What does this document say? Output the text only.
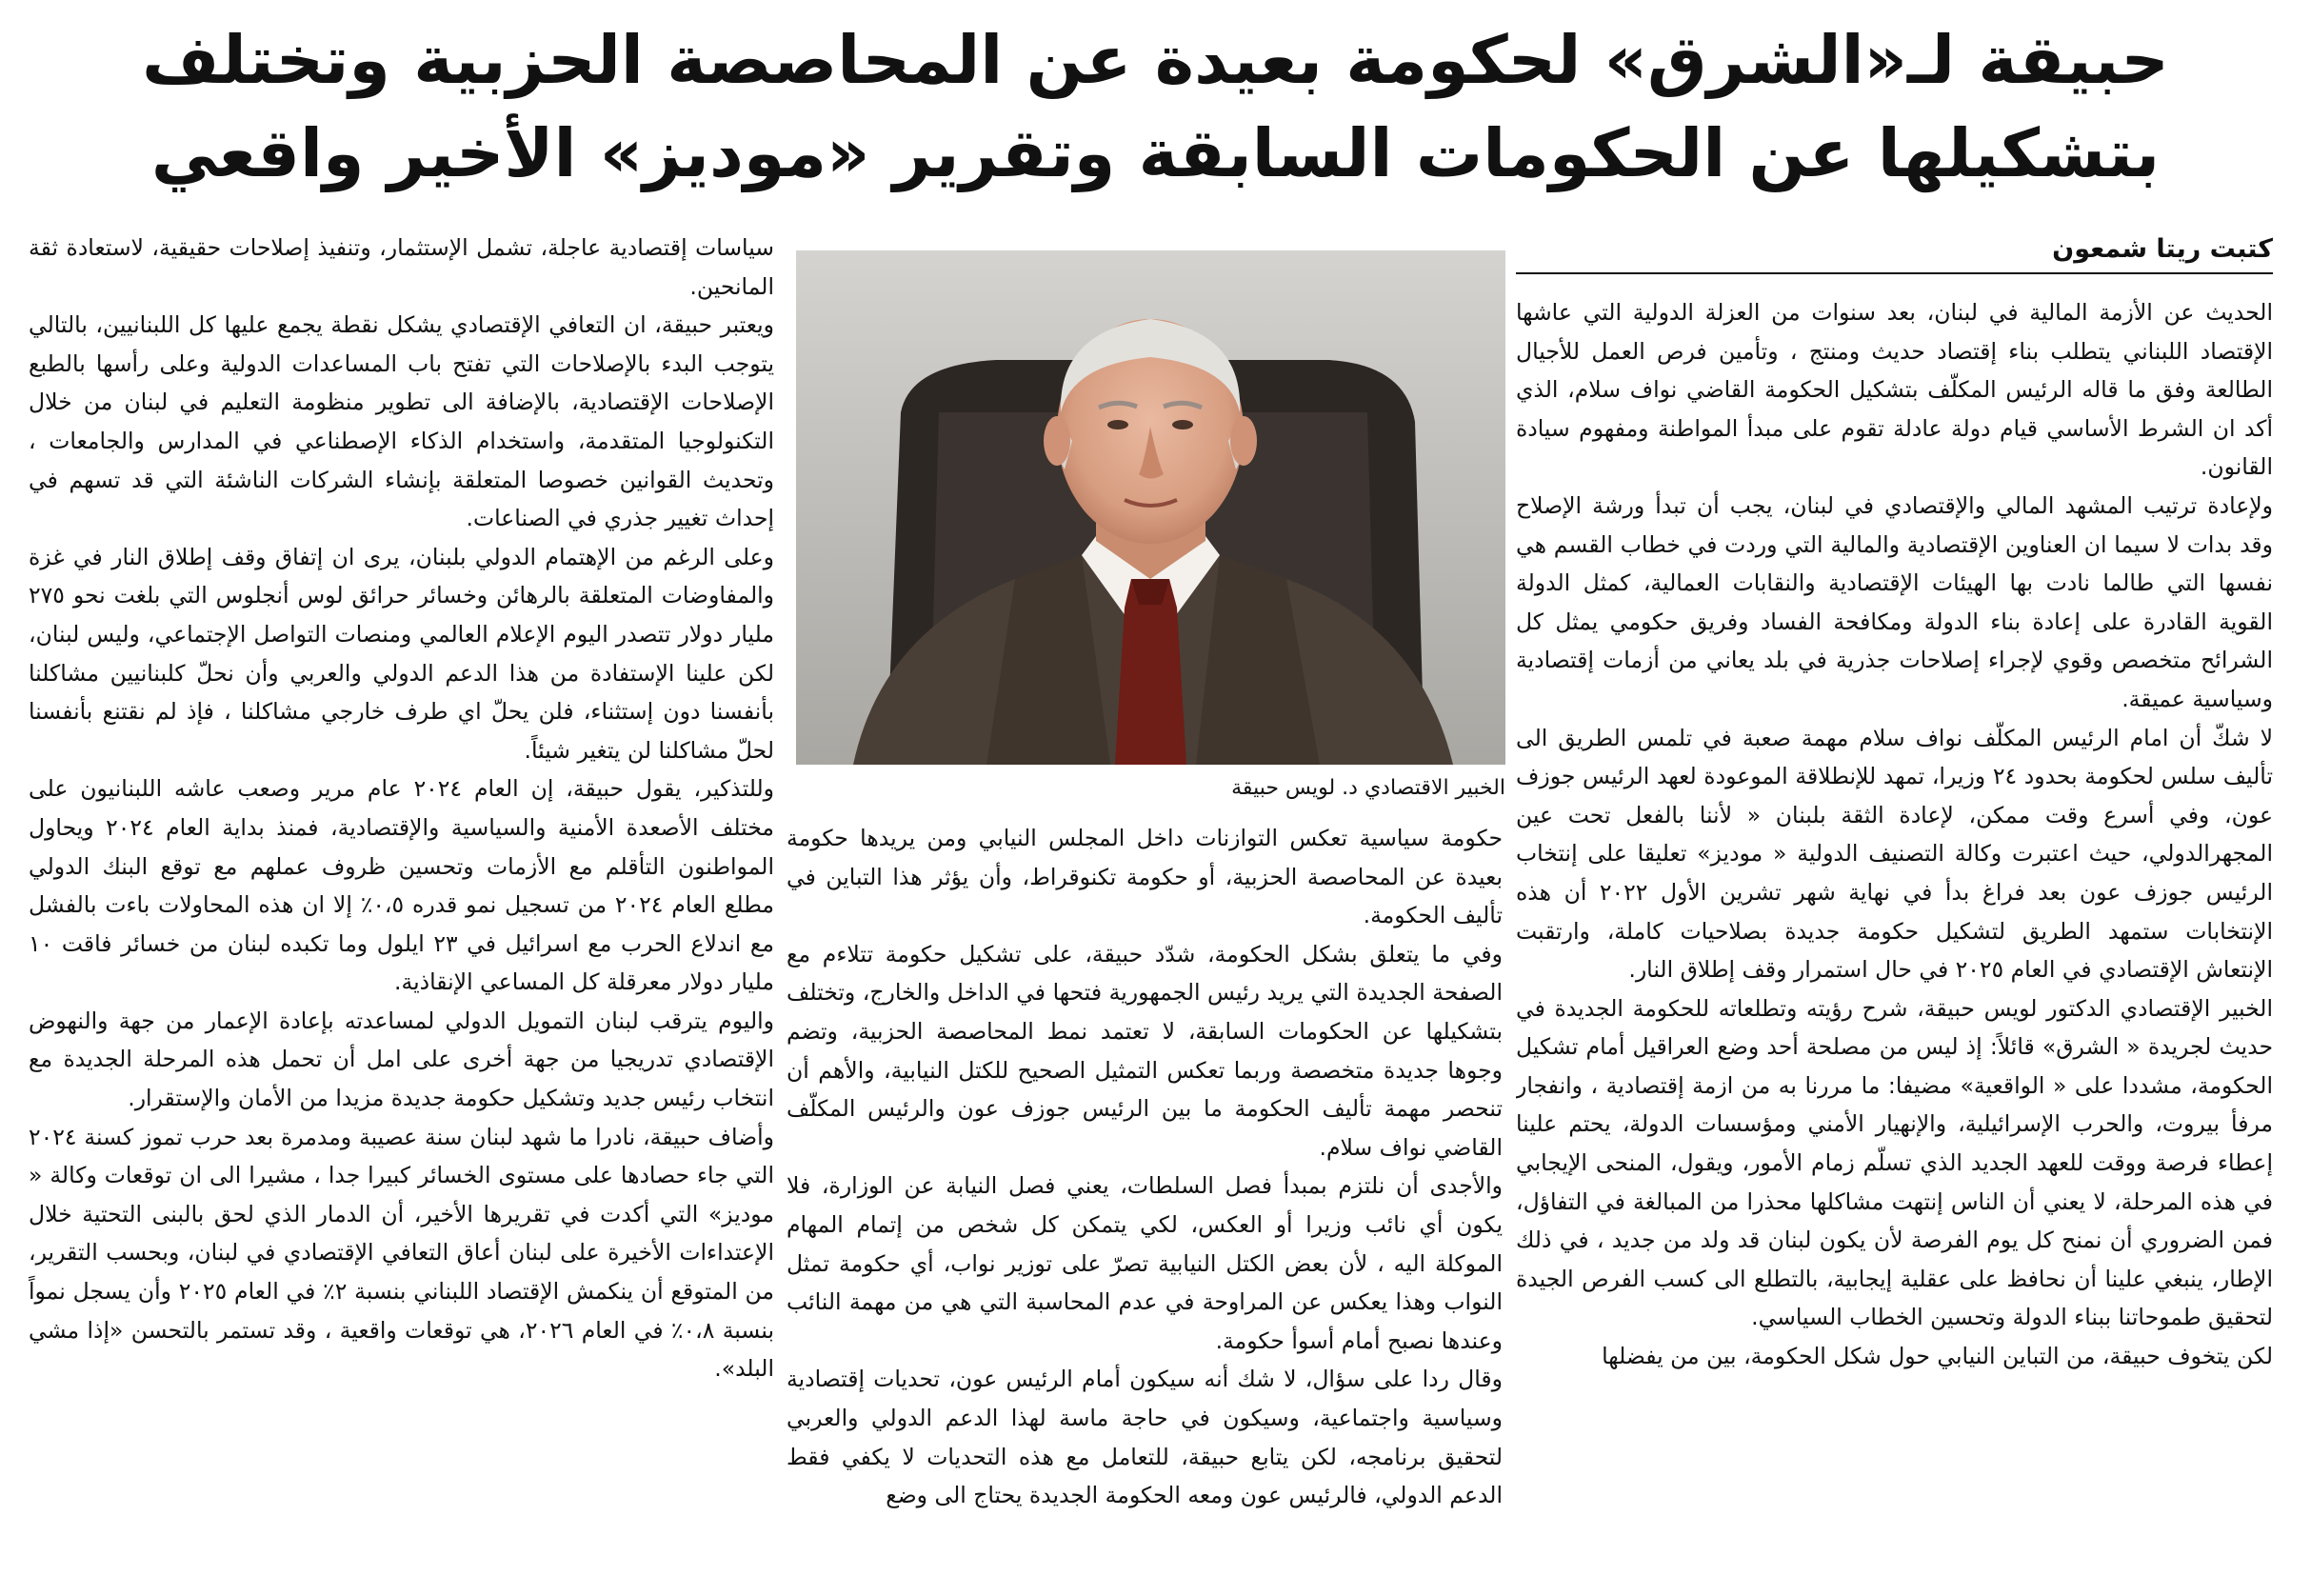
حبيقة لـ«الشرق» لحكومة بعيدة عن المحاصصة الحزبية وتختلف
بتشكيلها عن الحكومات السابقة وتقرير «موديز» الأخير واقعي
كتبت ريتا شمعون

الحديث عن الأزمة المالية في لبنان، بعد سنوات من العزلة الدولية التي عاشها الإقتصاد اللبناني يتطلب بناء إقتصاد حديث ومنتج ، وتأمين فرص العمل للأجيال الطالعة وفق ما قاله الرئيس المكلّف بتشكيل الحكومة القاضي نواف سلام، الذي أكد ان الشرط الأساسي قيام دولة عادلة تقوم على مبدأ المواطنة ومفهوم سيادة القانون.

ولإعادة ترتيب المشهد المالي والإقتصادي في لبنان، يجب أن تبدأ ورشة الإصلاح وقد بدات لا سيما ان العناوين الإقتصادية والمالية التي وردت في خطاب القسم هي نفسها التي طالما نادت بها الهيئات الإقتصادية والنقابات العمالية، كمثل الدولة القوية القادرة على إعادة بناء الدولة ومكافحة الفساد وفريق حكومي يمثل كل الشرائح متخصص وقوي لإجراء إصلاحات جذرية في بلد يعاني من أزمات إقتصادية وسياسية عميقة.

لا شكّ أن امام الرئيس المكلّف نواف سلام مهمة صعبة في تلمس الطريق الى تأليف سلس لحكومة بحدود ٢٤ وزيرا، تمهد للإنطلاقة الموعودة لعهد الرئيس جوزف عون، وفي أسرع وقت ممكن، لإعادة الثقة بلبنان « لأننا بالفعل تحت عين المجهرالدولي، حيث اعتبرت وكالة التصنيف الدولية « موديز» تعليقا على إنتخاب الرئيس جوزف عون بعد فراغ بدأ في نهاية شهر تشرين الأول ٢٠٢٢ أن هذه الإنتخابات ستمهد الطريق لتشكيل حكومة جديدة بصلاحيات كاملة، وارتقبت الإنتعاش الإقتصادي في العام ٢٠٢٥ في حال استمرار وقف إطلاق النار.

الخبير الإقتصادي الدكتور لويس حبيقة، شرح رؤيته وتطلعاته للحكومة الجديدة في حديث لجريدة « الشرق» قائلاً: إذ ليس من مصلحة أحد وضع العراقيل أمام تشكيل الحكومة، مشددا على « الواقعية» مضيفا: ما مررنا به من ازمة إقتصادية ، وانفجار مرفأ بيروت، والحرب الإسرائيلية، والإنهيار الأمني ومؤسسات الدولة، يحتم علينا إعطاء فرصة ووقت للعهد الجديد الذي تسلّم زمام الأمور، ويقول، المنحى الإيجابي في هذه المرحلة، لا يعني أن الناس إنتهت مشاكلها محذرا من المبالغة في التفاؤل، فمن الضروري أن نمنح كل يوم الفرصة لأن يكون لبنان قد ولد من جديد ، في ذلك الإطار، ينبغي علينا أن نحافظ على عقلية إيجابية، بالتطلع الى كسب الفرص الجيدة لتحقيق طموحاتنا ببناء الدولة وتحسين الخطاب السياسي.

لكن يتخوف حبيقة، من التباين النيابي حول شكل الحكومة، بين من يفضلها

الخبير الاقتصادي د. لويس حبيقة

حكومة سياسية تعكس التوازنات داخل المجلس النيابي ومن يريدها حكومة بعيدة عن المحاصصة الحزبية، أو حكومة تكنوقراط، وأن يؤثر هذا التباين في تأليف الحكومة.

وفي ما يتعلق بشكل الحكومة، شدّد حبيقة، على تشكيل حكومة تتلاءم مع الصفحة الجديدة التي يريد رئيس الجمهورية فتحها في الداخل والخارج، وتختلف بتشكيلها عن الحكومات السابقة، لا تعتمد نمط المحاصصة الحزبية، وتضم وجوها جديدة متخصصة وربما تعكس التمثيل الصحيح للكتل النيابية، والأهم أن تنحصر مهمة تأليف الحكومة ما بين الرئيس جوزف عون والرئيس المكلّف القاضي نواف سلام.

والأجدى أن نلتزم بمبدأ فصل السلطات، يعني فصل النيابة عن الوزارة، فلا يكون أي نائب وزيرا أو العكس، لكي يتمكن كل شخص من إتمام المهام الموكلة اليه ، لأن بعض الكتل النيابية تصرّ على توزير نواب، أي حكومة تمثل النواب وهذا يعكس عن المراوحة في عدم المحاسبة التي هي من مهمة النائب وعندها نصبح أمام أسوأ حكومة.

وقال ردا على سؤال، لا شك أنه سيكون أمام الرئيس عون، تحديات إقتصادية وسياسية واجتماعية، وسيكون في حاجة ماسة لهذا الدعم الدولي والعربي لتحقيق برنامجه، لكن يتابع حبيقة، للتعامل مع هذه التحديات لا يكفي فقط الدعم الدولي، فالرئيس عون ومعه الحكومة الجديدة يحتاج الى وضع

سياسات إقتصادية عاجلة، تشمل الإستثمار، وتنفيذ إصلاحات حقيقية، لاستعادة ثقة المانحين.

ويعتبر حبيقة، ان التعافي الإقتصادي يشكل نقطة يجمع عليها كل اللبنانيين، بالتالي يتوجب البدء بالإصلاحات التي تفتح باب المساعدات الدولية وعلى رأسها بالطبع الإصلاحات الإقتصادية، بالإضافة الى تطوير منظومة التعليم في لبنان من خلال التكنولوجيا المتقدمة، واستخدام الذكاء الإصطناعي في المدارس والجامعات ، وتحديث القوانين خصوصا المتعلقة بإنشاء الشركات الناشئة التي قد تسهم في إحداث تغيير جذري في الصناعات.

وعلى الرغم من الإهتمام الدولي بلبنان، يرى ان إتفاق وقف إطلاق النار في غزة والمفاوضات المتعلقة بالرهائن وخسائر حرائق لوس أنجلوس التي بلغت نحو ٢٧٥ مليار دولار تتصدر اليوم الإعلام العالمي ومنصات التواصل الإجتماعي، وليس لبنان، لكن علينا الإستفادة من هذا الدعم الدولي والعربي وأن نحلّ كلبنانيين مشاكلنا بأنفسنا دون إستثناء، فلن يحلّ اي طرف خارجي مشاكلنا ، فإذ لم نقتنع بأنفسنا لحلّ مشاكلنا لن يتغير شيئاً.

وللتذكير، يقول حبيقة، إن العام ٢٠٢٤ عام مرير وصعب عاشه اللبنانيون على مختلف الأصعدة الأمنية والسياسية والإقتصادية، فمنذ بداية العام ٢٠٢٤ ويحاول المواطنون التأقلم مع الأزمات وتحسين ظروف عملهم مع توقع البنك الدولي مطلع العام ٢٠٢٤ من تسجيل نمو قدره ٠،٥٪ إلا ان هذه المحاولات باءت بالفشل مع اندلاع الحرب مع اسرائيل في ٢٣ ايلول وما تكبده لبنان من خسائر فاقت ١٠ مليار دولار معرقلة كل المساعي الإنقاذية.

واليوم يترقب لبنان التمويل الدولي لمساعدته بإعادة الإعمار من جهة والنهوض الإقتصادي تدريجيا من جهة أخرى على امل أن تحمل هذه المرحلة الجديدة مع انتخاب رئيس جديد وتشكيل حكومة جديدة مزيدا من الأمان والإستقرار.

وأضاف حبيقة، نادرا ما شهد لبنان سنة عصيبة ومدمرة بعد حرب تموز كسنة ٢٠٢٤ التي جاء حصادها على مستوى الخسائر كبيرا جدا ، مشيرا الى ان توقعات وكالة « موديز» التي أكدت في تقريرها الأخير، أن الدمار الذي لحق بالبنى التحتية خلال الإعتداءات الأخيرة على لبنان أعاق التعافي الإقتصادي في لبنان، وبحسب التقرير، من المتوقع أن ينكمش الإقتصاد اللبناني بنسبة ٢٪ في العام ٢٠٢٥ وأن يسجل نمواً بنسبة ٠،٨٪ في العام ٢٠٢٦، هي توقعات واقعية ، وقد تستمر بالتحسن «إذا مشي البلد».
